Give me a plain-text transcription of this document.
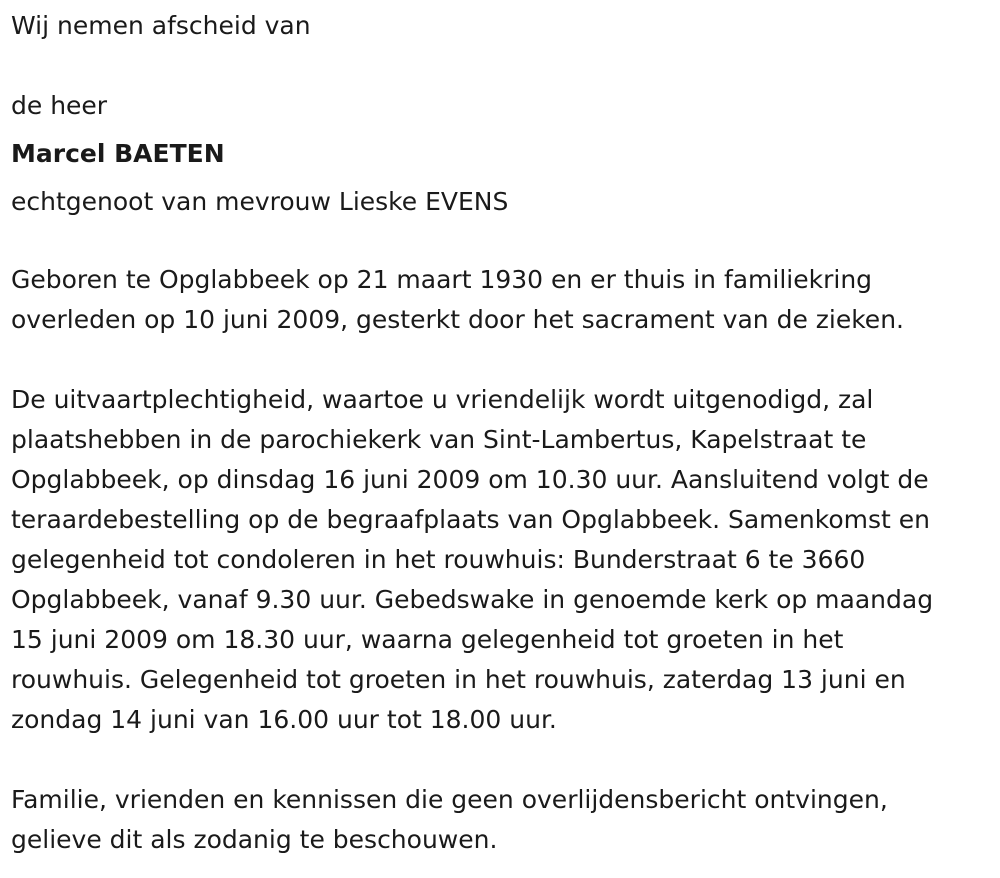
Wij nemen afscheid van

de heer

Marcel BAETEN

echtgenoot van mevrouw Lieske EVENS

Geboren te Opglabbeek op 21 maart 1930 en er thuis in familiekring
overleden op 10 juni 2009, gesterkt door het sacrament van de zieken.

De uitvaartplechtigheid, waartoe u vriendelijk wordt uitgenodigd, zal
plaatshebben in de parochiekerk van Sint-Lambertus, Kapelstraat te
Opglabbeek, op dinsdag 16 juni 2009 om 10.30 uur. Aansluitend volgt de
teraardebestelling op de begraafplaats van Opglabbeek. Samenkomst en
gelegenheid tot condoleren in het rouwhuis: Bunderstraat 6 te 3660
Opglabbeek, vanaf 9.30 uur. Gebedswake in genoemde kerk op maandag
15 juni 2009 om 18.30 uur, waarna gelegenheid tot groeten in het
rouwhuis. Gelegenheid tot groeten in het rouwhuis, zaterdag 13 juni en
zondag 14 juni van 16.00 uur tot 18.00 uur.

Familie, vrienden en kennissen die geen overlijdensbericht ontvingen,
gelieve dit als zodanig te beschouwen.
